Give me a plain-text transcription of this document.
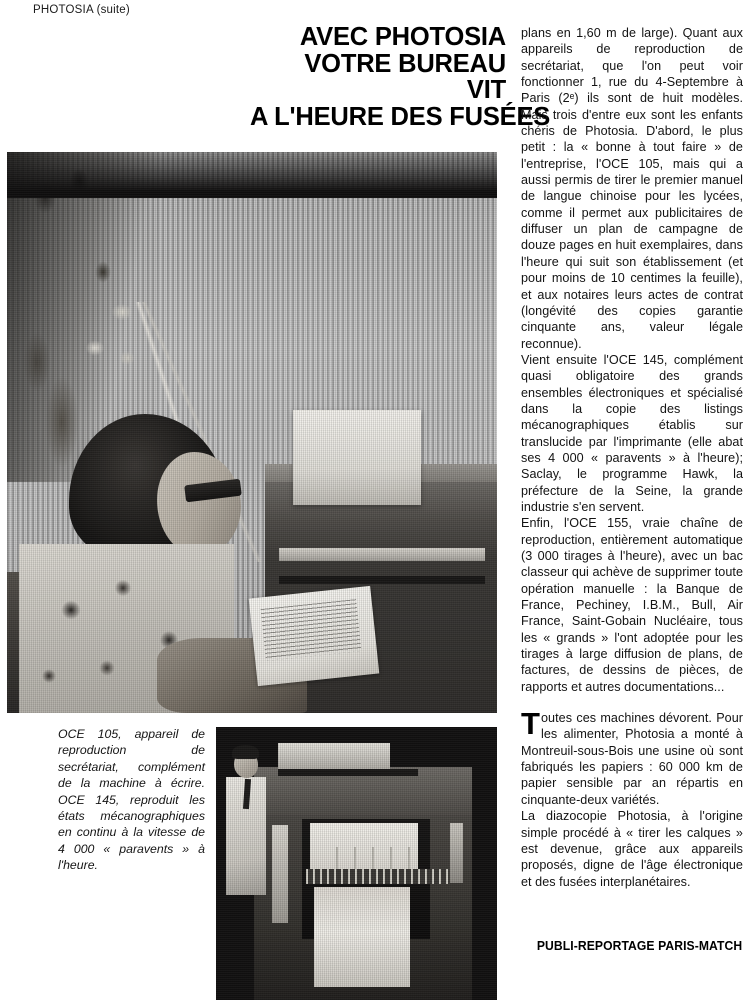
PHOTOSIA (suite)
AVEC PHOTOSIA
VOTRE BUREAU
VIT
A L'HEURE DES FUSÉES

OCE 105, appareil de reproduction de secrétariat, complément de la machine à écrire. OCE 145, reproduit les états mécanographiques en continu à la vitesse de 4 000 « paravents » à l'heure.

plans en 1,60 m de large). Quant aux appareils de reproduction de secrétariat, que l'on peut voir fonctionner 1, rue du 4-Septembre à Paris (2ᵉ) ils sont de huit modèles. Mais trois d'entre eux sont les enfants chéris de Photosia. D'abord, le plus petit : la « bonne à tout faire » de l'entreprise, l'OCE 105, mais qui a aussi permis de tirer le premier manuel de langue chinoise pour les lycées, comme il permet aux publicitaires de diffuser un plan de campagne de douze pages en huit exemplaires, dans l'heure qui suit son établissement (et pour moins de 10 centimes la feuille), et aux notaires leurs actes de contrat (longévité des copies garantie cinquante ans, valeur légale reconnue).

Vient ensuite l'OCE 145, complément quasi obligatoire des grands ensembles électroniques et spécialisé dans la copie des listings mécanographiques établis sur translucide par l'imprimante (elle abat ses 4 000 « paravents » à l'heure); Saclay, le programme Hawk, la préfecture de la Seine, la grande industrie s'en servent.

Enfin, l'OCE 155, vraie chaîne de reproduction, entièrement automatique (3 000 tirages à l'heure), avec un bac classeur qui achève de supprimer toute opération manuelle : la Banque de France, Pechiney, I.B.M., Bull, Air France, Saint-Gobain Nucléaire, tous les « grands » l'ont adoptée pour les tirages à large diffusion de plans, de factures, de dessins de pièces, de rapports et autres documentations...

Toutes ces machines dévorent. Pour les alimenter, Photosia a monté à Montreuil-sous-Bois une usine où sont fabriqués les papiers : 60 000 km de papier sensible par an répartis en cinquante-deux variétés.

La diazocopie Photosia, à l'origine simple procédé à « tirer les calques » est devenue, grâce aux appareils proposés, digne de l'âge électronique et des fusées interplanétaires.

PUBLI-REPORTAGE PARIS-MATCH
